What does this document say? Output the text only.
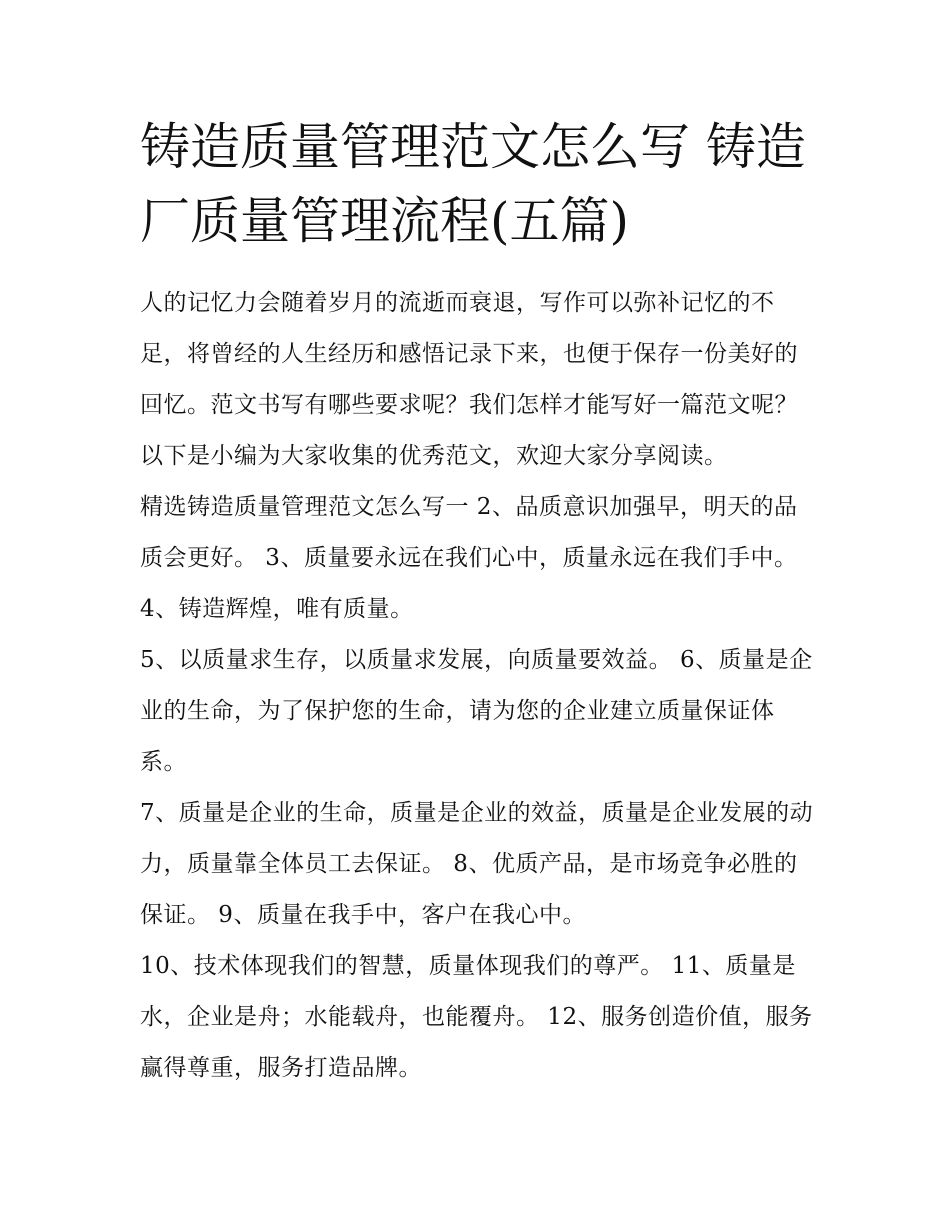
铸造质量管理范文怎么写 铸造厂质量管理流程(五篇)

人的记忆力会随着岁月的流逝而衰退，写作可以弥补记忆的不足，将曾经的人生经历和感悟记录下来，也便于保存一份美好的回忆。范文书写有哪些要求呢？我们怎样才能写好一篇范文呢？以下是小编为大家收集的优秀范文，欢迎大家分享阅读。

精选铸造质量管理范文怎么写一 2、品质意识加强早，明天的品质会更好。 3、质量要永远在我们心中，质量永远在我们手中。 4、铸造辉煌，唯有质量。

5、以质量求生存，以质量求发展，向质量要效益。 6、质量是企业的生命，为了保护您的生命，请为您的企业建立质量保证体系。

7、质量是企业的生命，质量是企业的效益，质量是企业发展的动力，质量靠全体员工去保证。 8、优质产品，是市场竞争必胜的保证。 9、质量在我手中，客户在我心中。

10、技术体现我们的智慧，质量体现我们的尊严。 11、质量是水，企业是舟；水能载舟，也能覆舟。 12、服务创造价值，服务赢得尊重，服务打造品牌。
